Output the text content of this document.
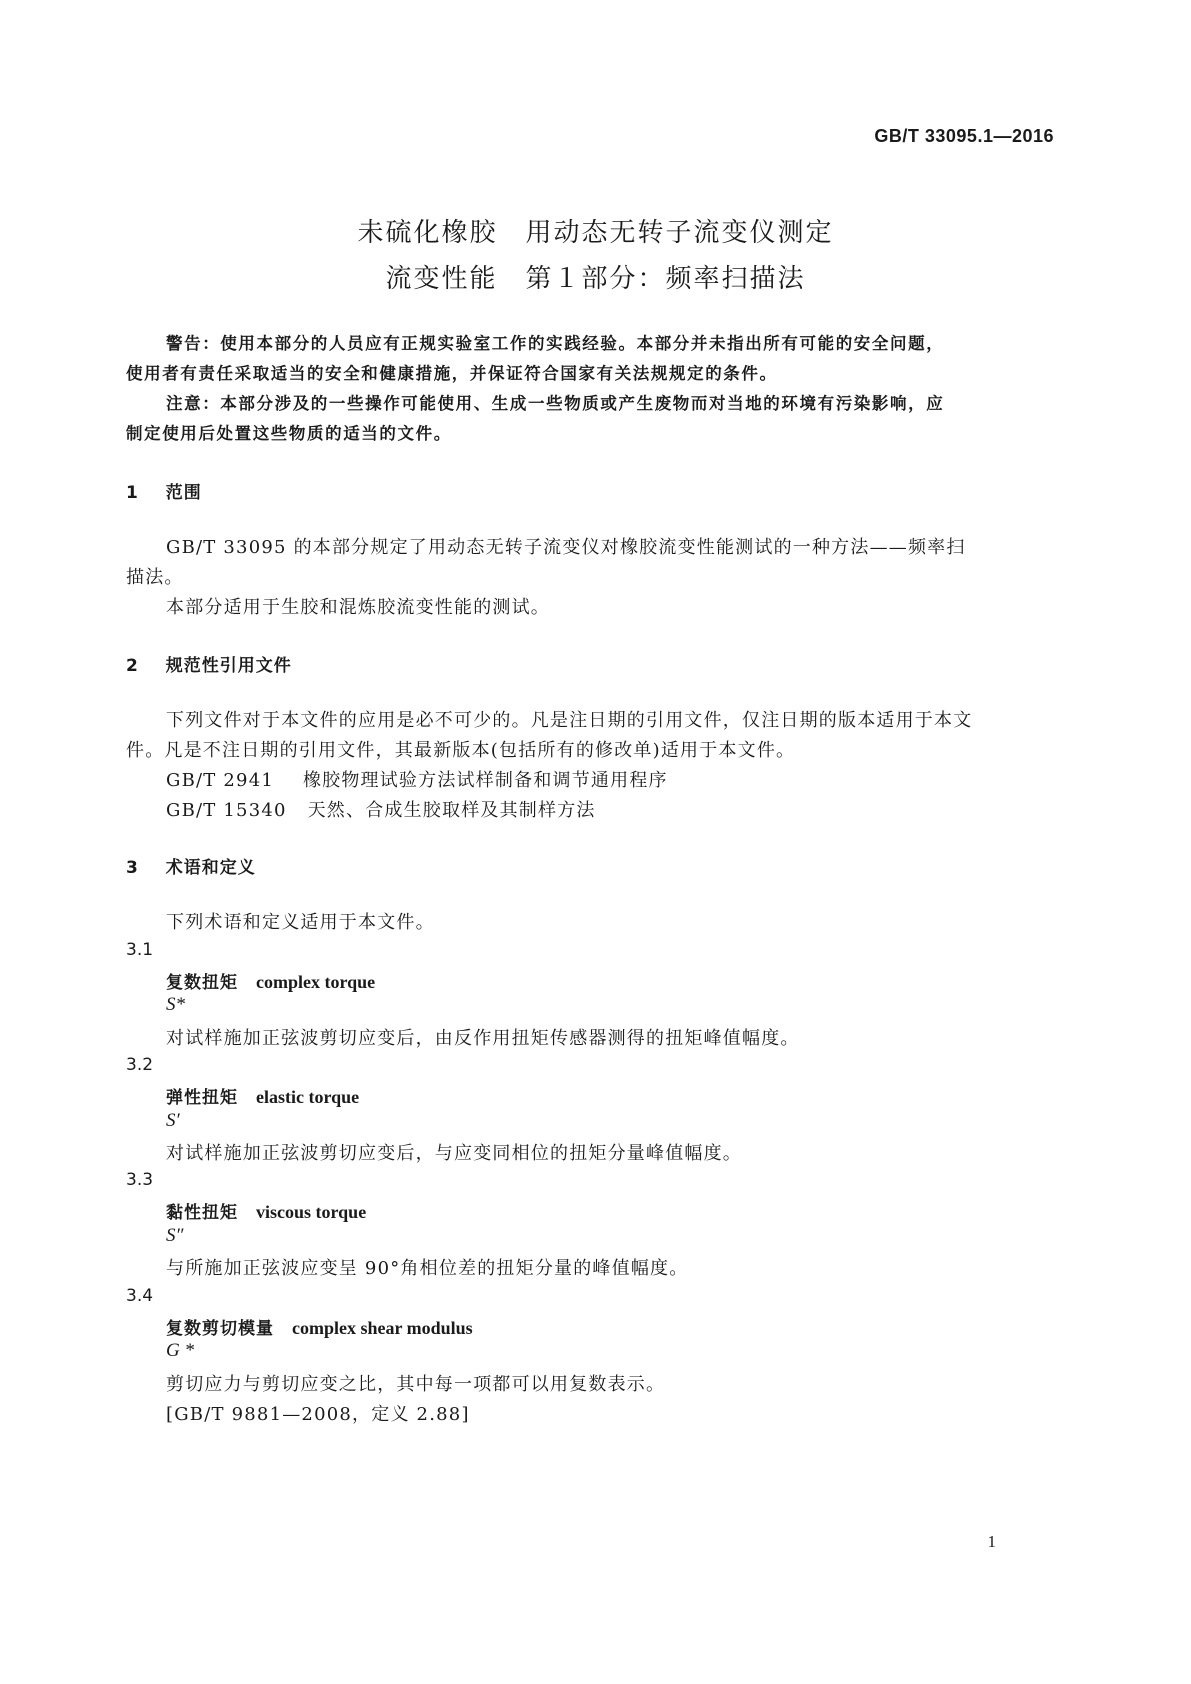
GB/T 33095.1—2016
未硫化橡胶　用动态无转子流变仪测定
流变性能　第１部分：频率扫描法
警告：使用本部分的人员应有正规实验室工作的实践经验。本部分并未指出所有可能的安全问题，
使用者有责任采取适当的安全和健康措施，并保证符合国家有关法规规定的条件。
注意：本部分涉及的一些操作可能使用、生成一些物质或产生废物而对当地的环境有污染影响，应
制定使用后处置这些物质的适当的文件。
1 范围
GB/T 33095 的本部分规定了用动态无转子流变仪对橡胶流变性能测试的一种方法——频率扫
描法。
本部分适用于生胶和混炼胶流变性能的测试。
2 规范性引用文件
下列文件对于本文件的应用是必不可少的。凡是注日期的引用文件，仅注日期的版本适用于本文
件。凡是不注日期的引用文件，其最新版本(包括所有的修改单)适用于本文件。
GB/T 2941 橡胶物理试验方法试样制备和调节通用程序
GB/T 15340 天然、合成生胶取样及其制样方法
3 术语和定义
下列术语和定义适用于本文件。
3.1
复数扭矩 complex torque
S*
对试样施加正弦波剪切应变后，由反作用扭矩传感器测得的扭矩峰值幅度。
3.2
弹性扭矩 elastic torque
S′
对试样施加正弦波剪切应变后，与应变同相位的扭矩分量峰值幅度。
3.3
黏性扭矩 viscous torque
S″
与所施加正弦波应变呈 90°角相位差的扭矩分量的峰值幅度。
3.4
复数剪切模量 complex shear modulus
G *
剪切应力与剪切应变之比，其中每一项都可以用复数表示。
[GB/T 9881—2008，定义 2.88]
1
